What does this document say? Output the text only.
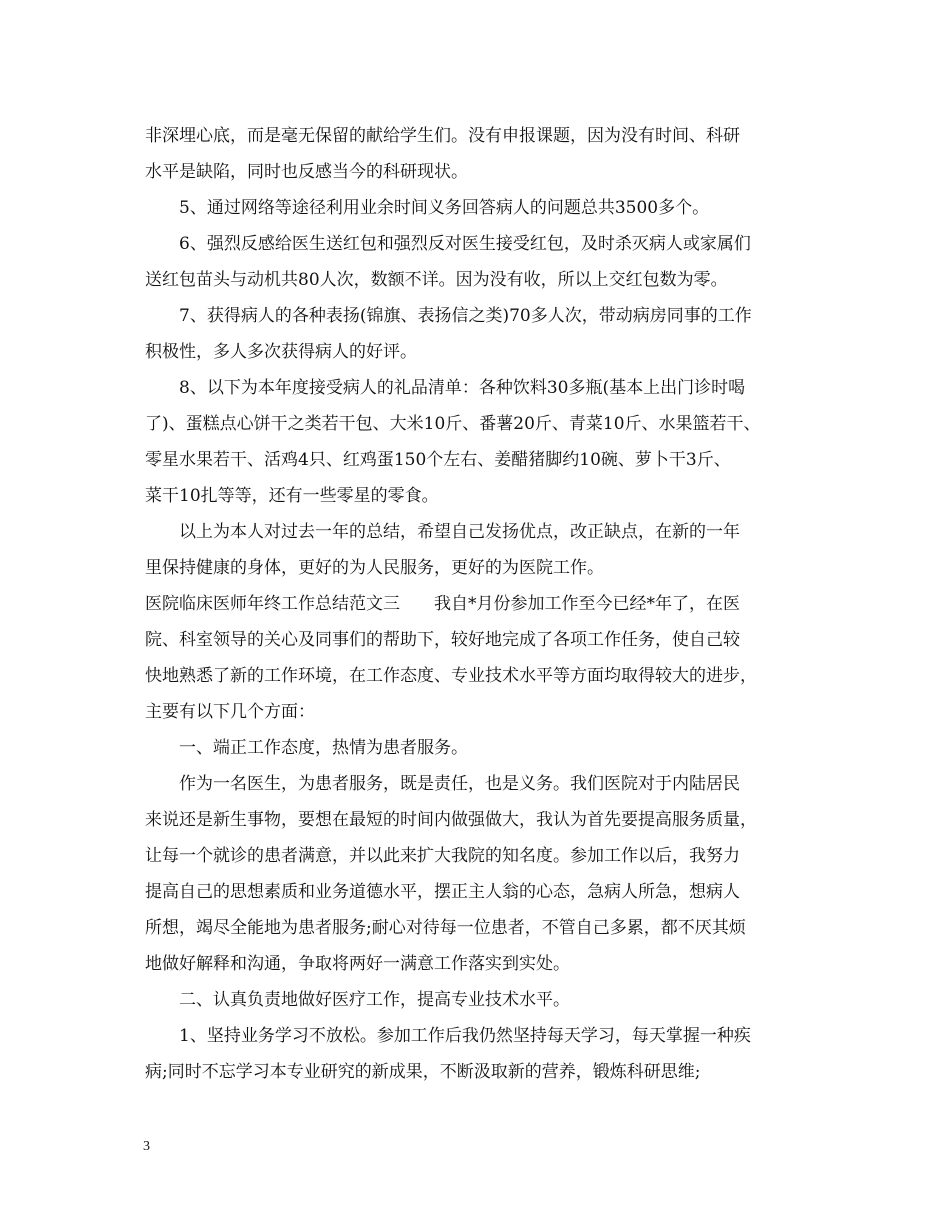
非深埋心底，而是毫无保留的献给学生们。没有申报课题，因为没有时间、科研
水平是缺陷，同时也反感当今的科研现状。
5、通过网络等途径利用业余时间义务回答病人的问题总共3500多个。
6、强烈反感给医生送红包和强烈反对医生接受红包，及时杀灭病人或家属们
送红包苗头与动机共80人次，数额不详。因为没有收，所以上交红包数为零。
7、获得病人的各种表扬(锦旗、表扬信之类)70多人次，带动病房同事的工作
积极性，多人多次获得病人的好评。
8、以下为本年度接受病人的礼品清单：各种饮料30多瓶(基本上出门诊时喝
了)、蛋糕点心饼干之类若干包、大米10斤、番薯20斤、青菜10斤、水果篮若干、
零星水果若干、活鸡4只、红鸡蛋150个左右、姜醋猪脚约10碗、萝卜干3斤、
菜干10扎等等，还有一些零星的零食。
以上为本人对过去一年的总结，希望自己发扬优点，改正缺点，在新的一年
里保持健康的身体，更好的为人民服务，更好的为医院工作。
医院临床医师年终工作总结范文三　　我自*月份参加工作至今已经*年了，在医
院、科室领导的关心及同事们的帮助下，较好地完成了各项工作任务，使自己较
快地熟悉了新的工作环境，在工作态度、专业技术水平等方面均取得较大的进步，
主要有以下几个方面：
一、端正工作态度，热情为患者服务。
作为一名医生，为患者服务，既是责任，也是义务。我们医院对于内陆居民
来说还是新生事物，要想在最短的时间内做强做大，我认为首先要提高服务质量，
让每一个就诊的患者满意，并以此来扩大我院的知名度。参加工作以后，我努力
提高自己的思想素质和业务道德水平，摆正主人翁的心态，急病人所急，想病人
所想，竭尽全能地为患者服务;耐心对待每一位患者，不管自己多累，都不厌其烦
地做好解释和沟通，争取将两好一满意工作落实到实处。
二、认真负责地做好医疗工作，提高专业技术水平。
1、坚持业务学习不放松。参加工作后我仍然坚持每天学习，每天掌握一种疾
病;同时不忘学习本专业研究的新成果，不断汲取新的营养，锻炼科研思维;
3
